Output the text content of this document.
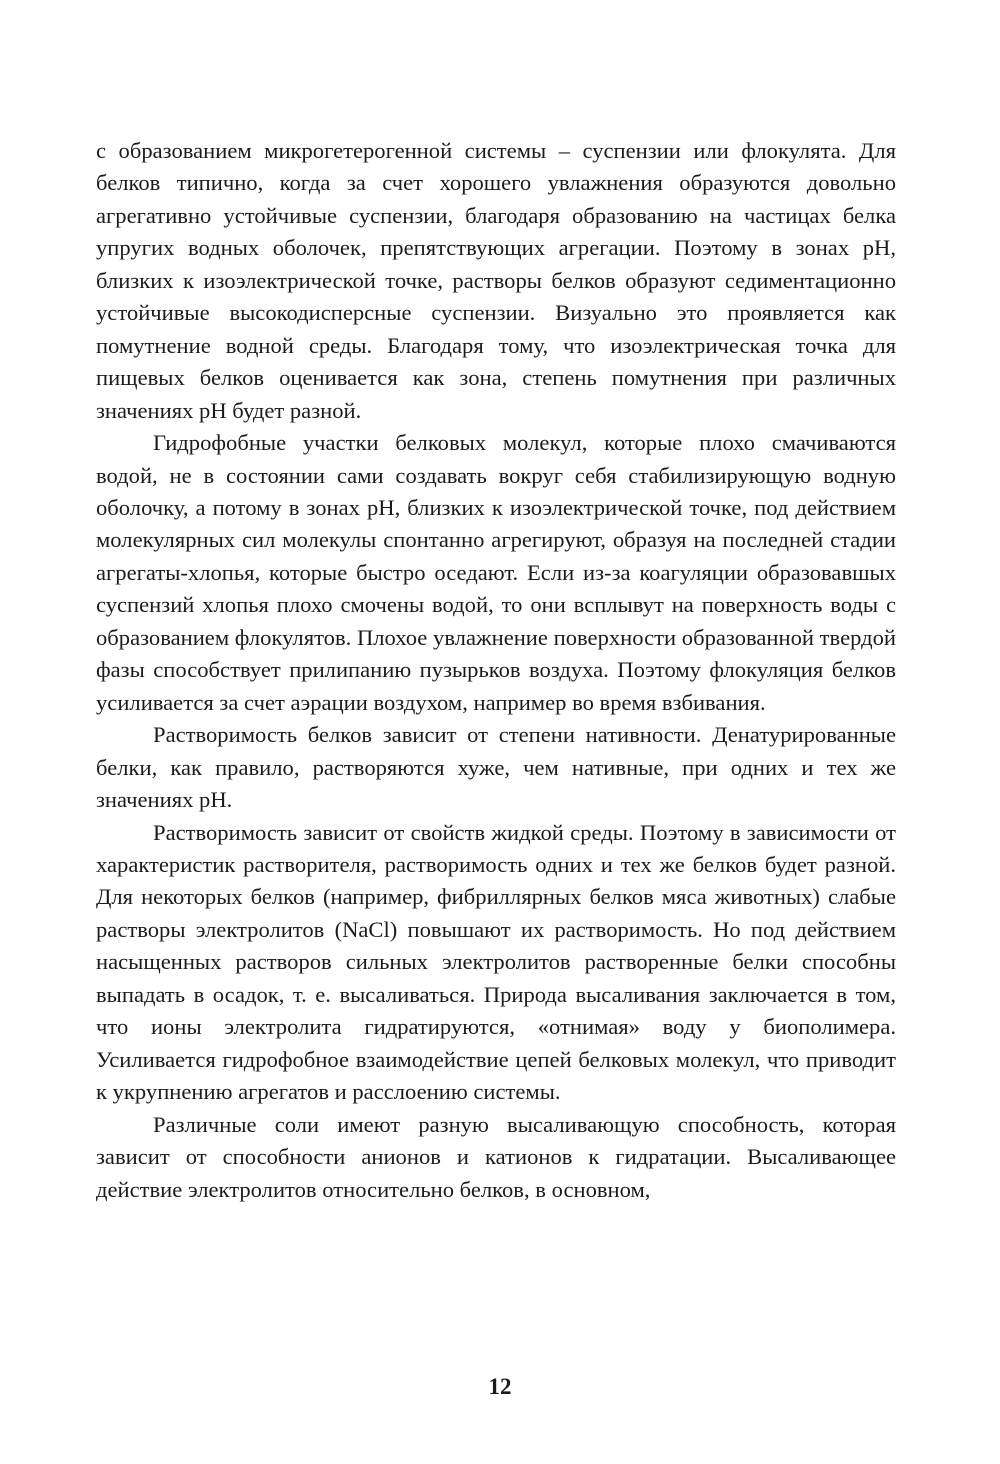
с образованием микрогетерогенной системы – суспензии или флокулята. Для белков типично, когда за счет хорошего увлажнения образуются довольно агрегативно устойчивые суспензии, благодаря образованию на частицах белка упругих водных оболочек, препятствующих агрегации. Поэтому в зонах pH, близких к изоэлектрической точке, растворы белков образуют седиментационно устойчивые высокодисперсные суспензии. Визуально это проявляется как помутнение водной среды. Благодаря тому, что изоэлектрическая точка для пищевых белков оценивается как зона, степень помутнения при различных значениях pH будет разной.

Гидрофобные участки белковых молекул, которые плохо смачиваются водой, не в состоянии сами создавать вокруг себя стабилизирующую водную оболочку, а потому в зонах pH, близких к изоэлектрической точке, под действием молекулярных сил молекулы спонтанно агрегируют, образуя на последней стадии агрегаты-хлопья, которые быстро оседают. Если из-за коагуляции образовавшых суспензий хлопья плохо смочены водой, то они всплывут на поверхность воды с образованием флокулятов. Плохое увлажнение поверхности образованной твердой фазы способствует прилипанию пузырьков воздуха. Поэтому флокуляция белков усиливается за счет аэрации воздухом, например во время взбивания.

Растворимость белков зависит от степени нативности. Денатурированные белки, как правило, растворяются хуже, чем нативные, при одних и тех же значениях pH.

Растворимость зависит от свойств жидкой среды. Поэтому в зависимости от характеристик растворителя, растворимость одних и тех же белков будет разной. Для некоторых белков (например, фибриллярных белков мяса животных) слабые растворы электролитов (NaCl) повышают их растворимость. Но под действием насыщенных растворов сильных электролитов растворенные белки способны выпадать в осадок, т. е. высаливаться. Природа высаливания заключается в том, что ионы электролита гидратируются, «отнимая» воду у биополимера. Усиливается гидрофобное взаимодействие цепей белковых молекул, что приводит к укрупнению агрегатов и расслоению системы.

Различные соли имеют разную высаливающую способность, которая зависит от способности анионов и катионов к гидратации. Высаливающее действие электролитов относительно белков, в основном,

12
